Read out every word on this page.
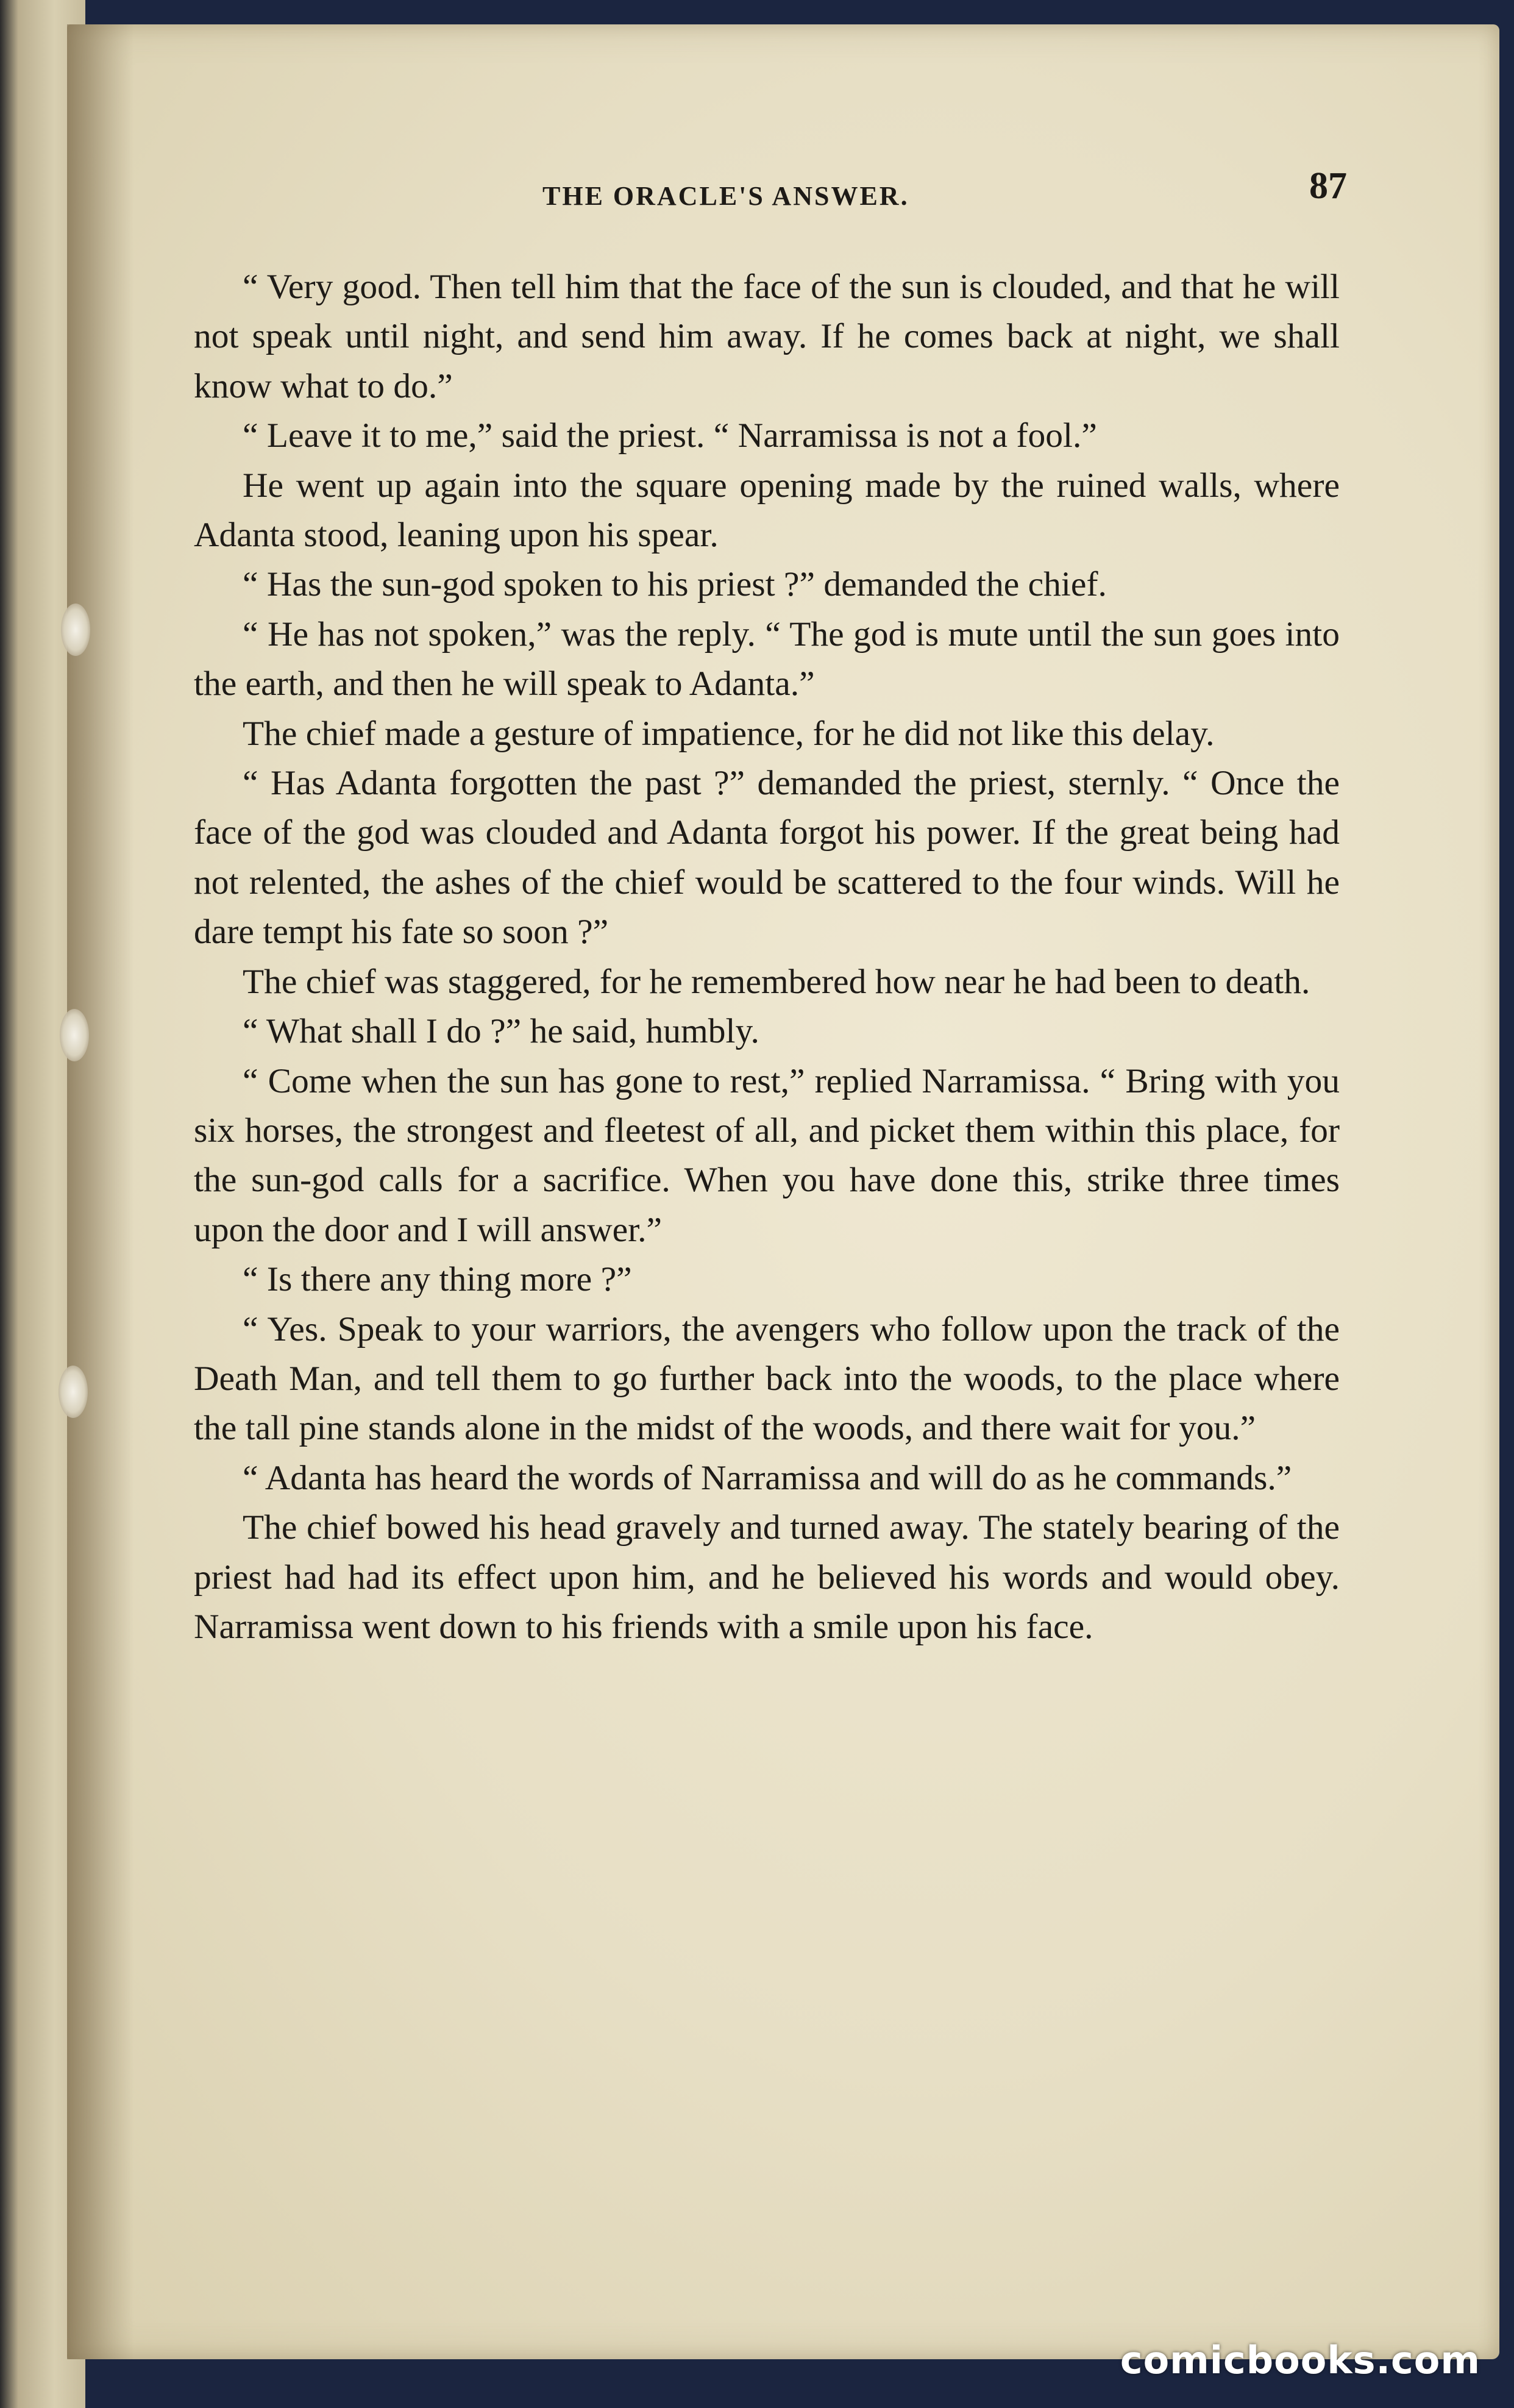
THE ORACLE'S ANSWER.	87

“ Very good. Then tell him that the face of the sun is clouded, and that he will not speak until night, and send him away. If he comes back at night, we shall know what to do.”

“ Leave it to me,” said the priest. “ Narramissa is not a fool.”

He went up again into the square opening made by the ruined walls, where Adanta stood, leaning upon his spear.

“ Has the sun-god spoken to his priest ?” demanded the chief.

“ He has not spoken,” was the reply. “ The god is mute until the sun goes into the earth, and then he will speak to Adanta.”

The chief made a gesture of impatience, for he did not like this delay.

“ Has Adanta forgotten the past ?” demanded the priest, sternly. “ Once the face of the god was clouded and Adanta forgot his power. If the great being had not relented, the ashes of the chief would be scattered to the four winds. Will he dare tempt his fate so soon ?”

The chief was staggered, for he remembered how near he had been to death.

“ What shall I do ?” he said, humbly.

“ Come when the sun has gone to rest,” replied Narramissa. “ Bring with you six horses, the strongest and fleetest of all, and picket them within this place, for the sun-god calls for a sacrifice. When you have done this, strike three times upon the door and I will answer.”

“ Is there any thing more ?”

“ Yes. Speak to your warriors, the avengers who follow upon the track of the Death Man, and tell them to go further back into the woods, to the place where the tall pine stands alone in the midst of the woods, and there wait for you.”

“ Adanta has heard the words of Narramissa and will do as he commands.”

The chief bowed his head gravely and turned away. The stately bearing of the priest had had its effect upon him, and he believed his words and would obey. Narramissa went down to his friends with a smile upon his face.

comicbooks.com
